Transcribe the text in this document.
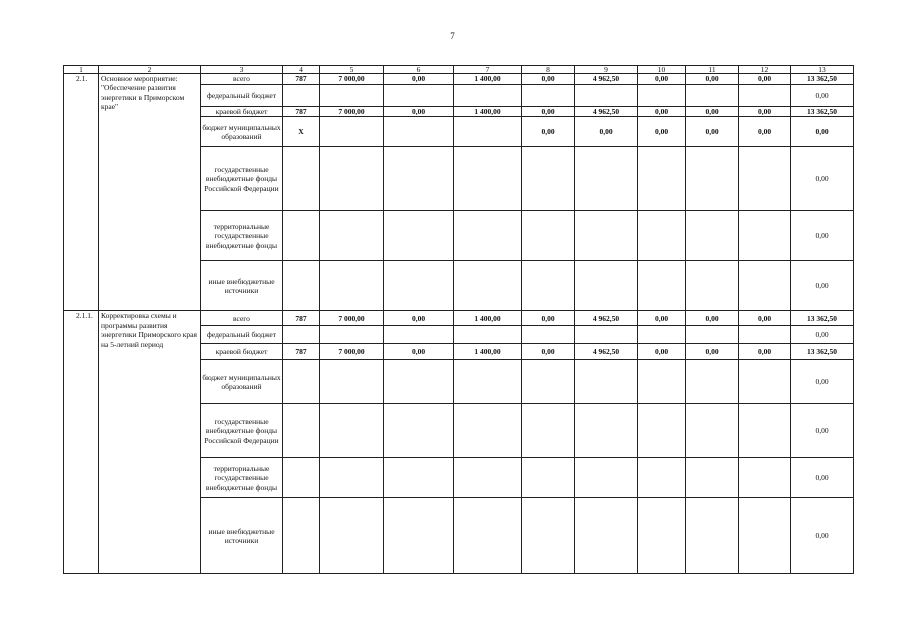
7
1	2	3	4	5	6	7	8	9	10	11	12	13
2.1.	Основное мероприятие: "Обеспечение развития энергетики в Приморском крае"	всего	787	7 000,00	0,00	1 400,00	0,00	4 962,50	0,00	0,00	0,00	13 362,50
		федеральный бюджет										0,00
		краевой бюджет	787	7 000,00	0,00	1 400,00	0,00	4 962,50	0,00	0,00	0,00	13 362,50
		бюджет муниципальных образований	X				0,00	0,00	0,00	0,00	0,00	0,00
		государственные внебюджетные фонды Российской Федерации										0,00
		территориальные государственные внебюджетные фонды										0,00
		иные внебюджетные источники										0,00
2.1.1.	Корректировка схемы и программы развития энергетики Приморского края на 5-летний период	всего	787	7 000,00	0,00	1 400,00	0,00	4 962,50	0,00	0,00	0,00	13 362,50
		федеральный бюджет										0,00
		краевой бюджет	787	7 000,00	0,00	1 400,00	0,00	4 962,50	0,00	0,00	0,00	13 362,50
		бюджет муниципальных образований										0,00
		государственные внебюджетные фонды Российской Федерации										0,00
		территориальные государственные внебюджетные фонды										0,00
		иные внебюджетные источники										0,00
